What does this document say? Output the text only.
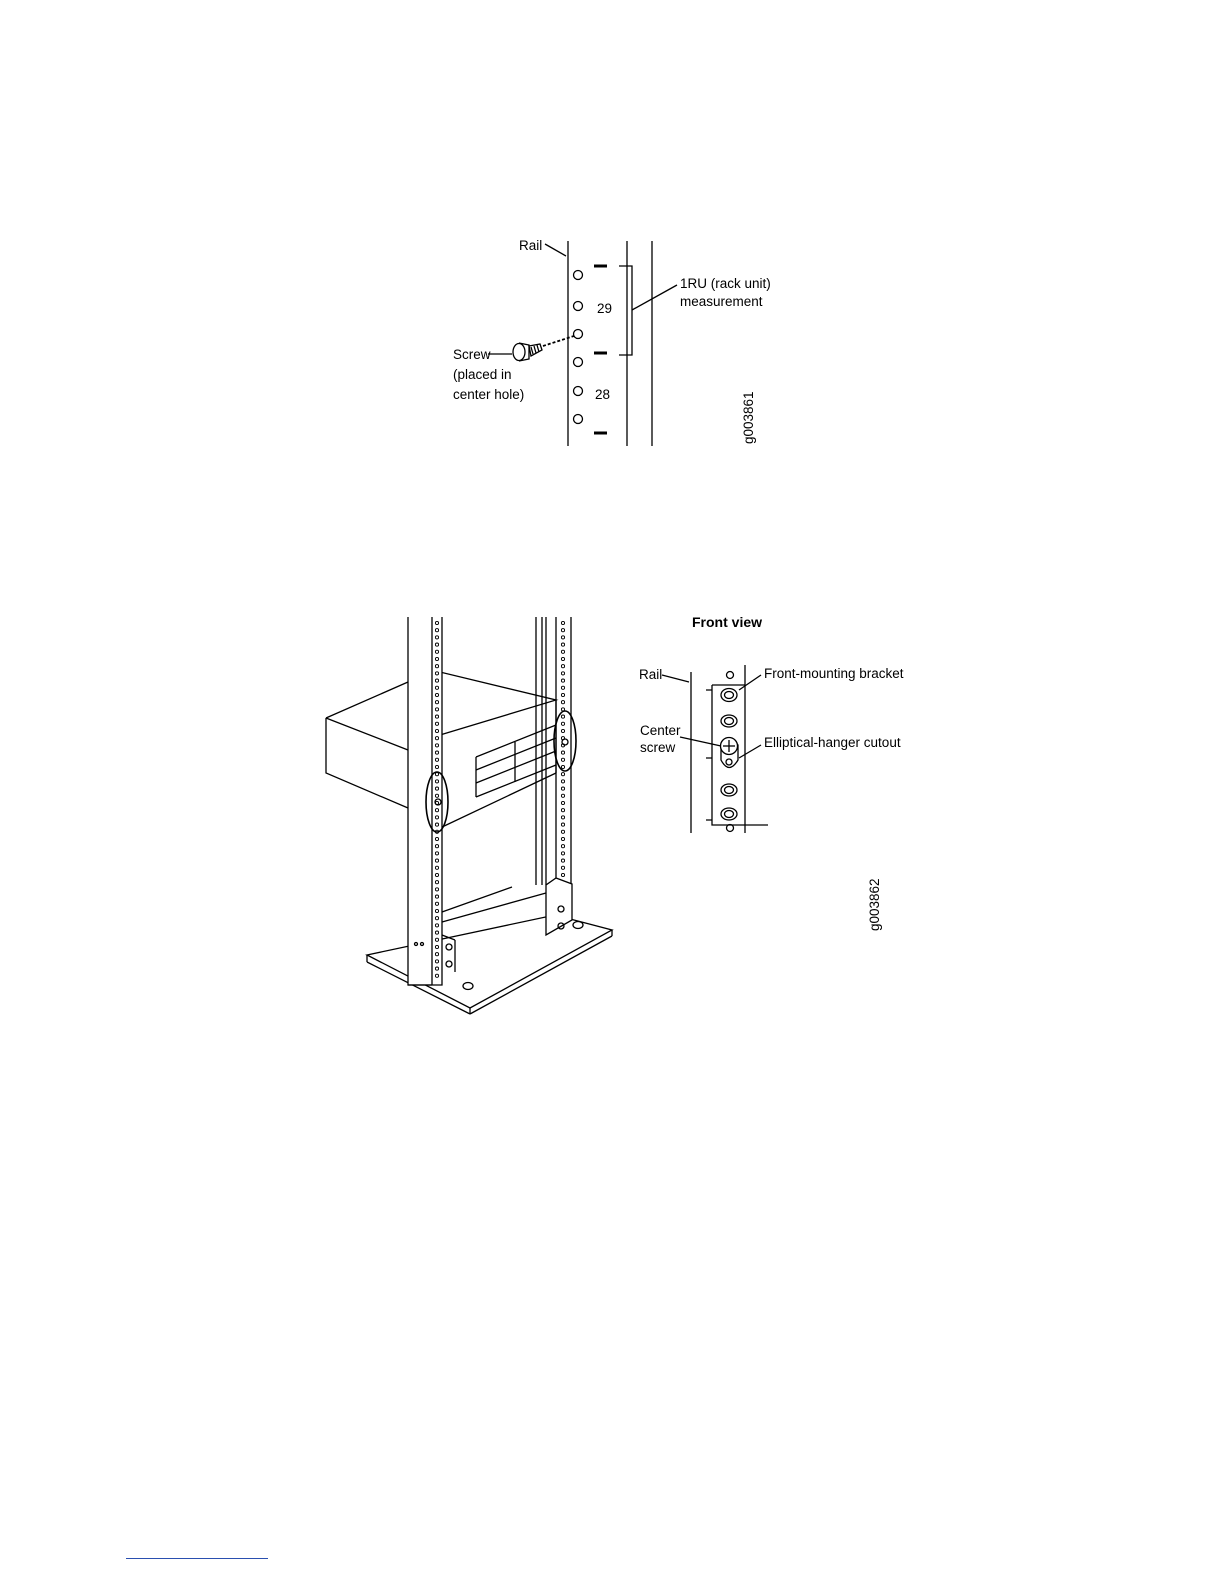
Rail
29
28
1RU (rack unit)
measurement
Screw
(placed in
center hole)	g003861
Front view
Rail	Front-mounting bracket
Center
screw	Elliptical-hanger cutout
g003862
